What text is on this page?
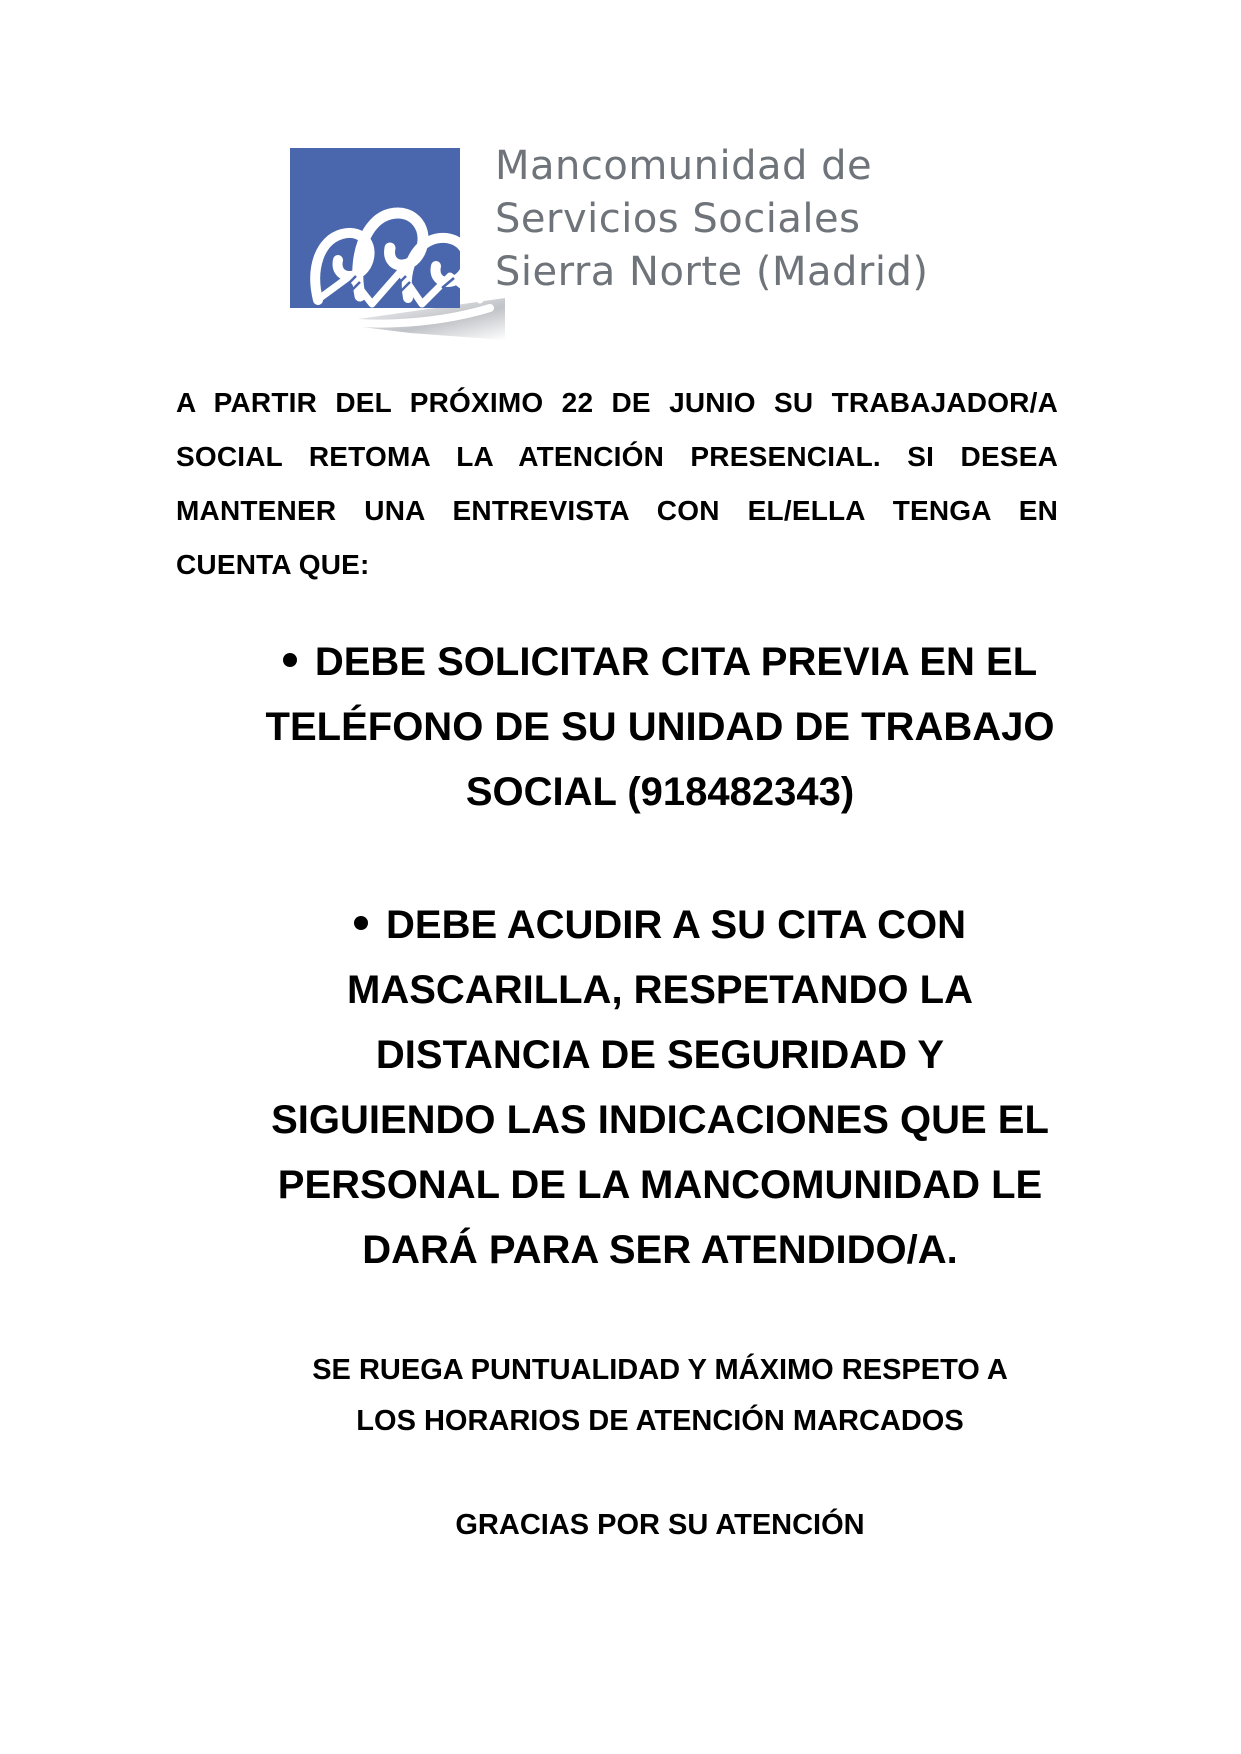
Mancomunidad de
Servicios Sociales
Sierra Norte (Madrid)
A PARTIR DEL PRÓXIMO 22 DE JUNIO SU TRABAJADOR/A SOCIAL RETOMA LA ATENCIÓN PRESENCIAL. SI DESEA MANTENER UNA ENTREVISTA CON EL/ELLA TENGA EN CUENTA QUE:
DEBE SOLICITAR CITA PREVIA EN EL
TELÉFONO DE SU UNIDAD DE TRABAJO
SOCIAL (918482343)
DEBE ACUDIR A SU CITA CON
MASCARILLA, RESPETANDO LA
DISTANCIA DE SEGURIDAD Y
SIGUIENDO LAS INDICACIONES QUE EL
PERSONAL DE LA MANCOMUNIDAD LE
DARÁ PARA SER ATENDIDO/A.
SE RUEGA PUNTUALIDAD Y MÁXIMO RESPETO A
LOS HORARIOS DE ATENCIÓN MARCADOS
GRACIAS POR SU ATENCIÓN
